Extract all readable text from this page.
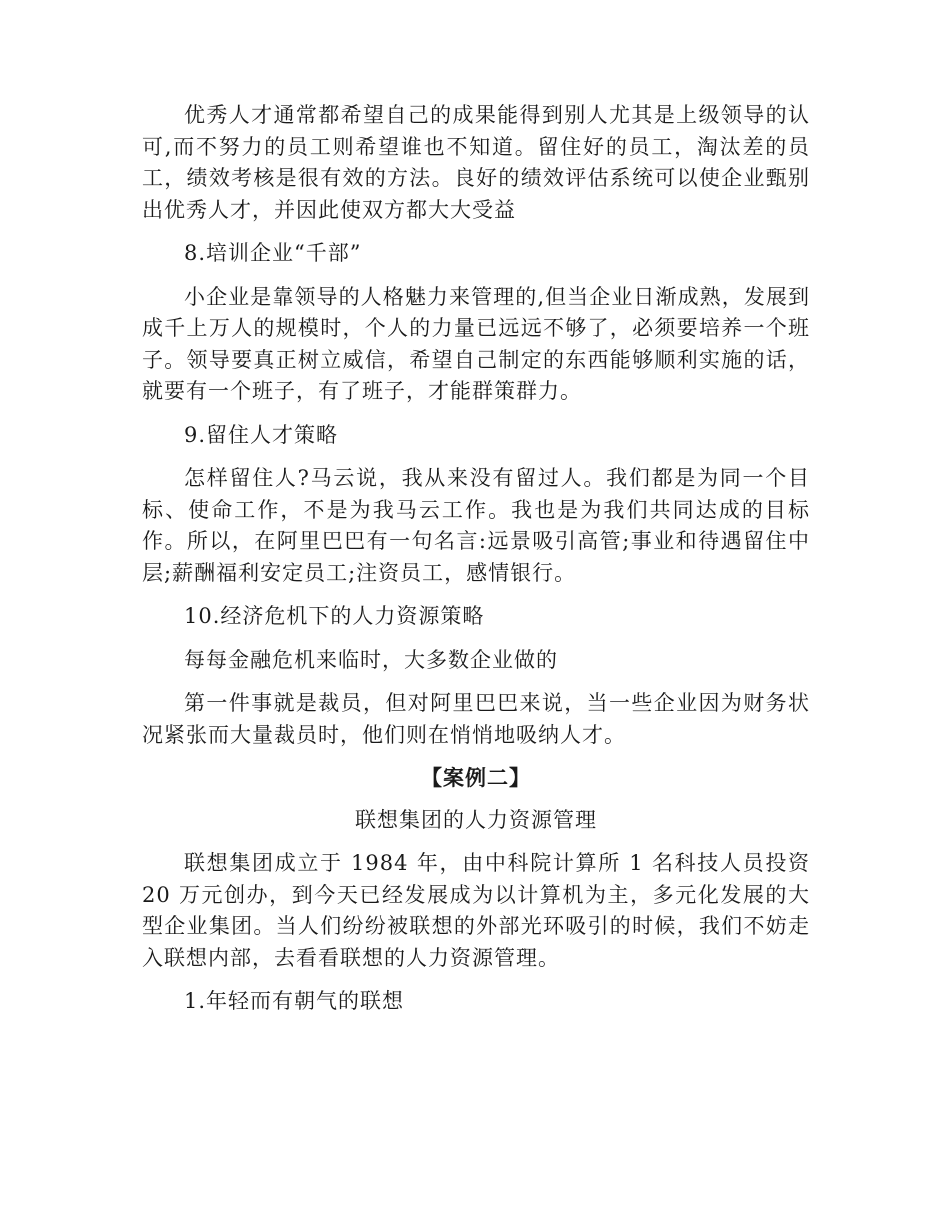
优秀人才通常都希望自己的成果能得到别人尤其是上级领导的认可,而不努力的员工则希望谁也不知道。留住好的员工，淘汰差的员工，绩效考核是很有效的方法。良好的绩效评估系统可以使企业甄别出优秀人才，并因此使双方都大大受益

8.培训企业“千部”

小企业是靠领导的人格魅力来管理的,但当企业日渐成熟，发展到成千上万人的规模时，个人的力量已远远不够了，必须要培养一个班子。领导要真正树立威信，希望自己制定的东西能够顺利实施的话，就要有一个班子，有了班子，才能群策群力。

9.留住人才策略

怎样留住人?马云说，我从来没有留过人。我们都是为同一个目标、使命工作，不是为我马云工作。我也是为我们共同达成的目标作。所以，在阿里巴巴有一句名言:远景吸引高管;事业和待遇留住中层;薪酬福利安定员工;注资员工，感情银行。

10.经济危机下的人力资源策略

每每金融危机来临时，大多数企业做的

第一件事就是裁员，但对阿里巴巴来说，当一些企业因为财务状况紧张而大量裁员时，他们则在悄悄地吸纳人才。

【案例二】

联想集团的人力资源管理

联想集团成立于 1984 年，由中科院计算所 1 名科技人员投资 20 万元创办，到今天已经发展成为以计算机为主，多元化发展的大型企业集团。当人们纷纷被联想的外部光环吸引的时候，我们不妨走入联想内部，去看看联想的人力资源管理。

1.年轻而有朝气的联想
